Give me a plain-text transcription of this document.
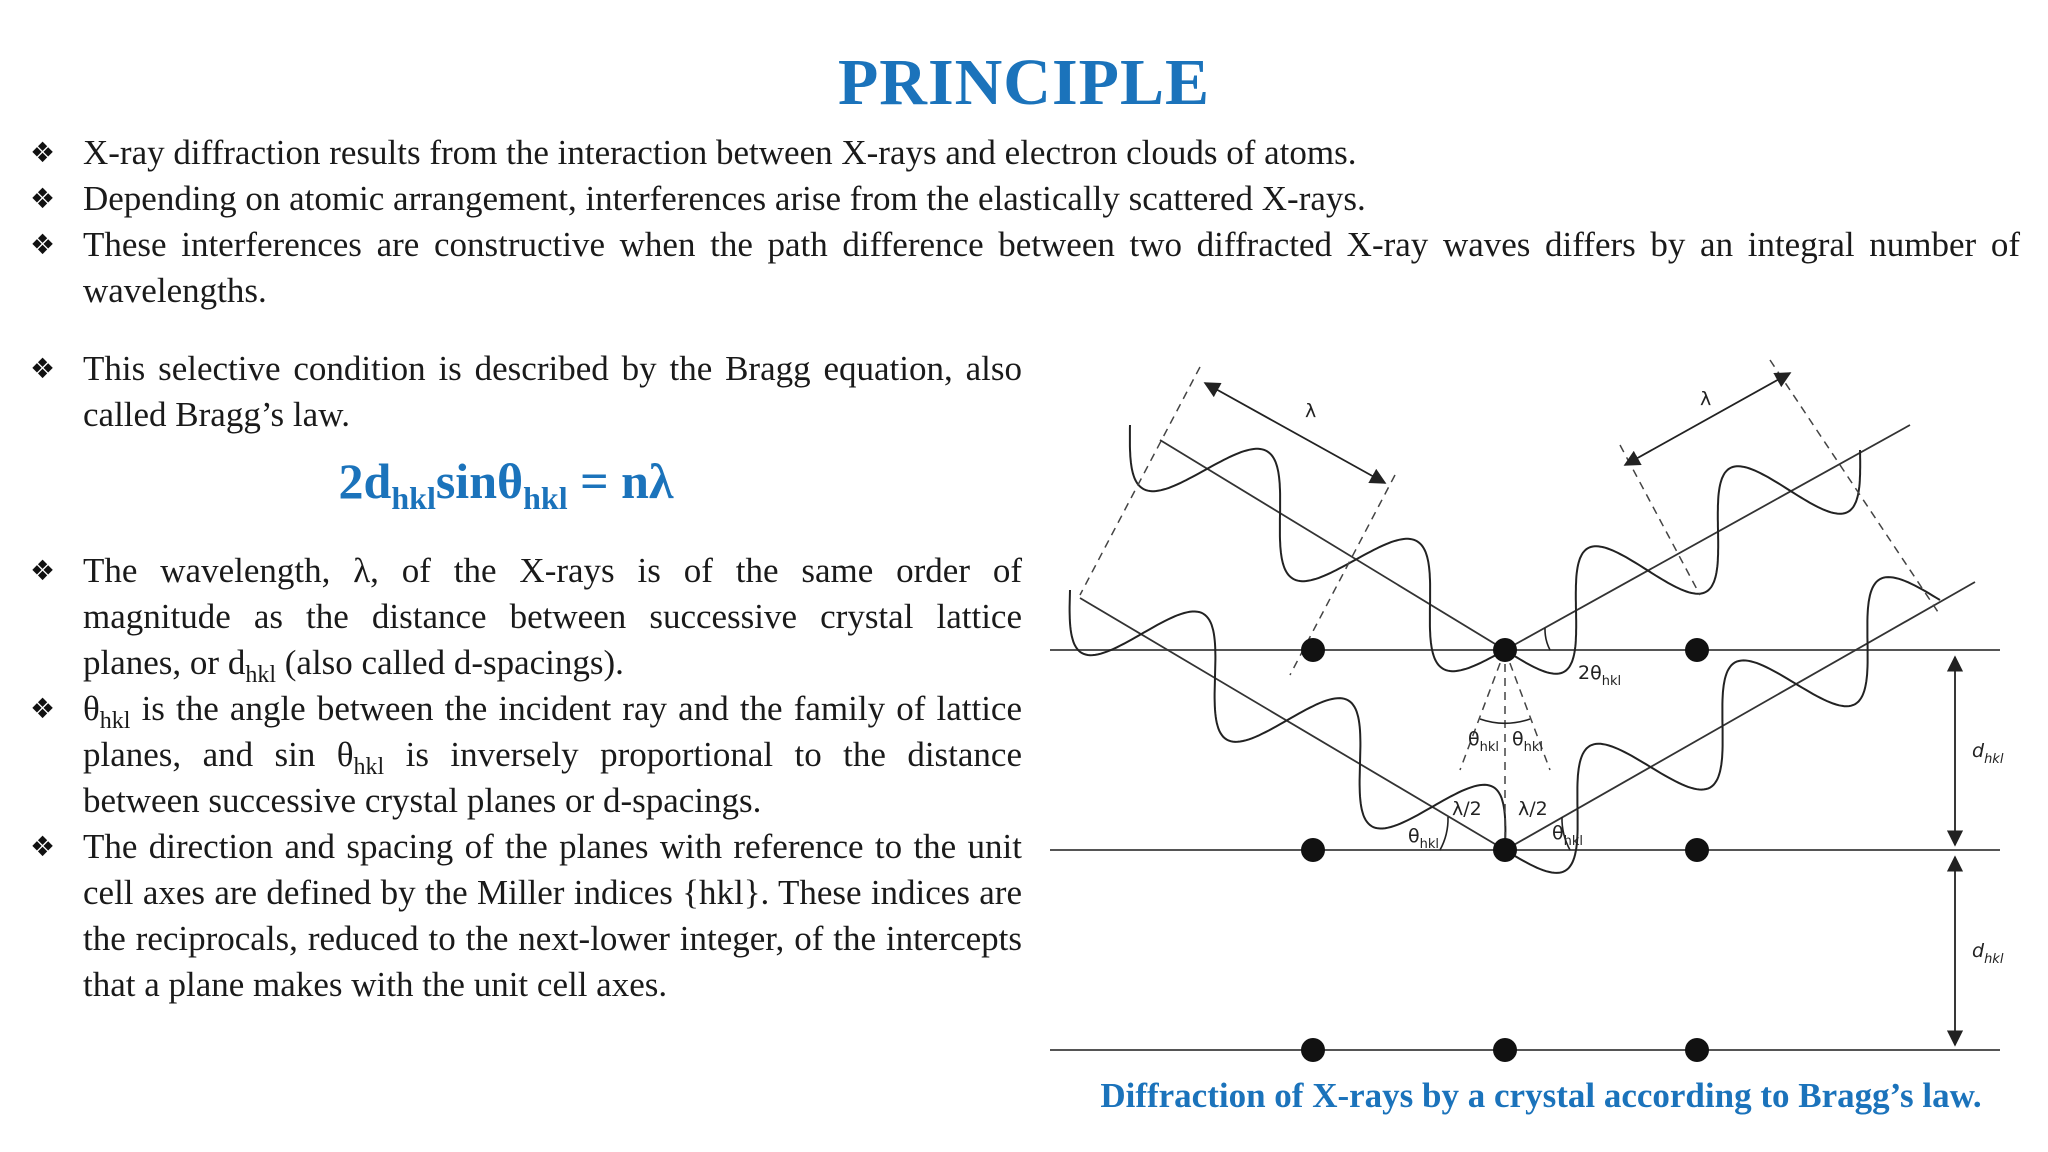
PRINCIPLE
❖ X-ray diffraction results from the interaction between X-rays and electron clouds of atoms.
❖ Depending on atomic arrangement, interferences arise from the elastically scattered X-rays.
❖ These interferences are constructive when the path difference between two diffracted X-ray waves differs by an integral number of wavelengths.
❖ This selective condition is described by the Bragg equation, also called Bragg’s law.
$2d_{hkl}\sin\theta_{hkl} = n\lambda$
❖ The wavelength, λ, of the X-rays is of the same order of magnitude as the distance between successive crystal lattice planes, or $d_{hkl}$ (also called d-spacings).
❖ $\theta_{hkl}$ is the angle between the incident ray and the family of lattice planes, and $\sin \theta_{hkl}$ is inversely proportional to the distance between successive crystal planes or d-spacings.
❖ The direction and spacing of the planes with reference to the unit cell axes are defined by the Miller indices {hkl}. These indices are the reciprocals, reduced to the next-lower integer, of the intercepts that a plane makes with the unit cell axes.
λ
λ
$2\theta_{hkl}$
$\theta_{hkl}$ $\theta_{hkl}$
λ/2 λ/2
$\theta_{hkl}$
$\theta_{hkl}$
$d_{hkl}$
$d_{hkl}$
Diffraction of X-rays by a crystal according to Bragg’s law.
